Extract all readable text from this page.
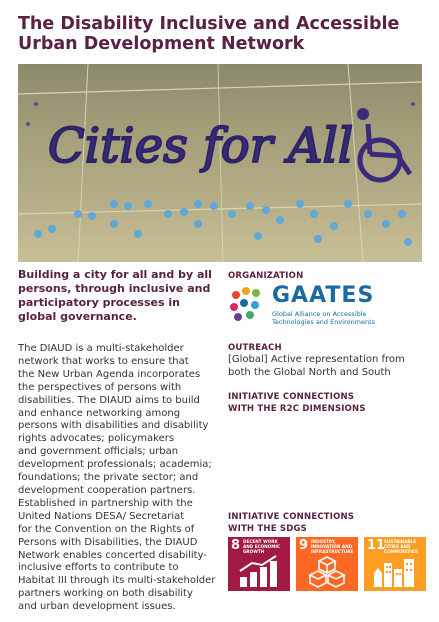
The Disability Inclusive and Accessible
Urban Development Network
Cities for All
Building a city for all and by all persons, through inclusive and participatory processes in global governance.

The DIAUD is a multi-stakeholder

network that works to ensure that

the New Urban Agenda incorporates

the perspectives of persons with

disabilities. The DIAUD aims to build

and enhance networking among

persons with disabilities and disability

rights advocates; policymakers

and government officials; urban

development professionals; academia;

foundations; the private sector; and

development cooperation partners.

Established in partnership with the

United Nations DESA/ Secretariat

for the Convention on the Rights of

Persons with Disabilities, the DIAUD

Network enables concerted disability-

inclusive efforts to contribute to

Habitat III through its multi-stakeholder

partners working on both disability

and urban development issues.

ORGANIZATION
GAATES
Global Alliance on Accessible
Technologies and Environments
OUTREACH
[Global] Active representation from
both the Global North and South
INITIATIVE CONNECTIONS
WITH THE R2C DIMENSIONS
INITIATIVE CONNECTIONS
WITH THE SDGS
8 DECENT WORK AND ECONOMIC GROWTH	9 INDUSTRY, INNOVATION AND INFRASTRUCTURE 11
SUSTAINABLE CITIES AND COMMUNITIES
